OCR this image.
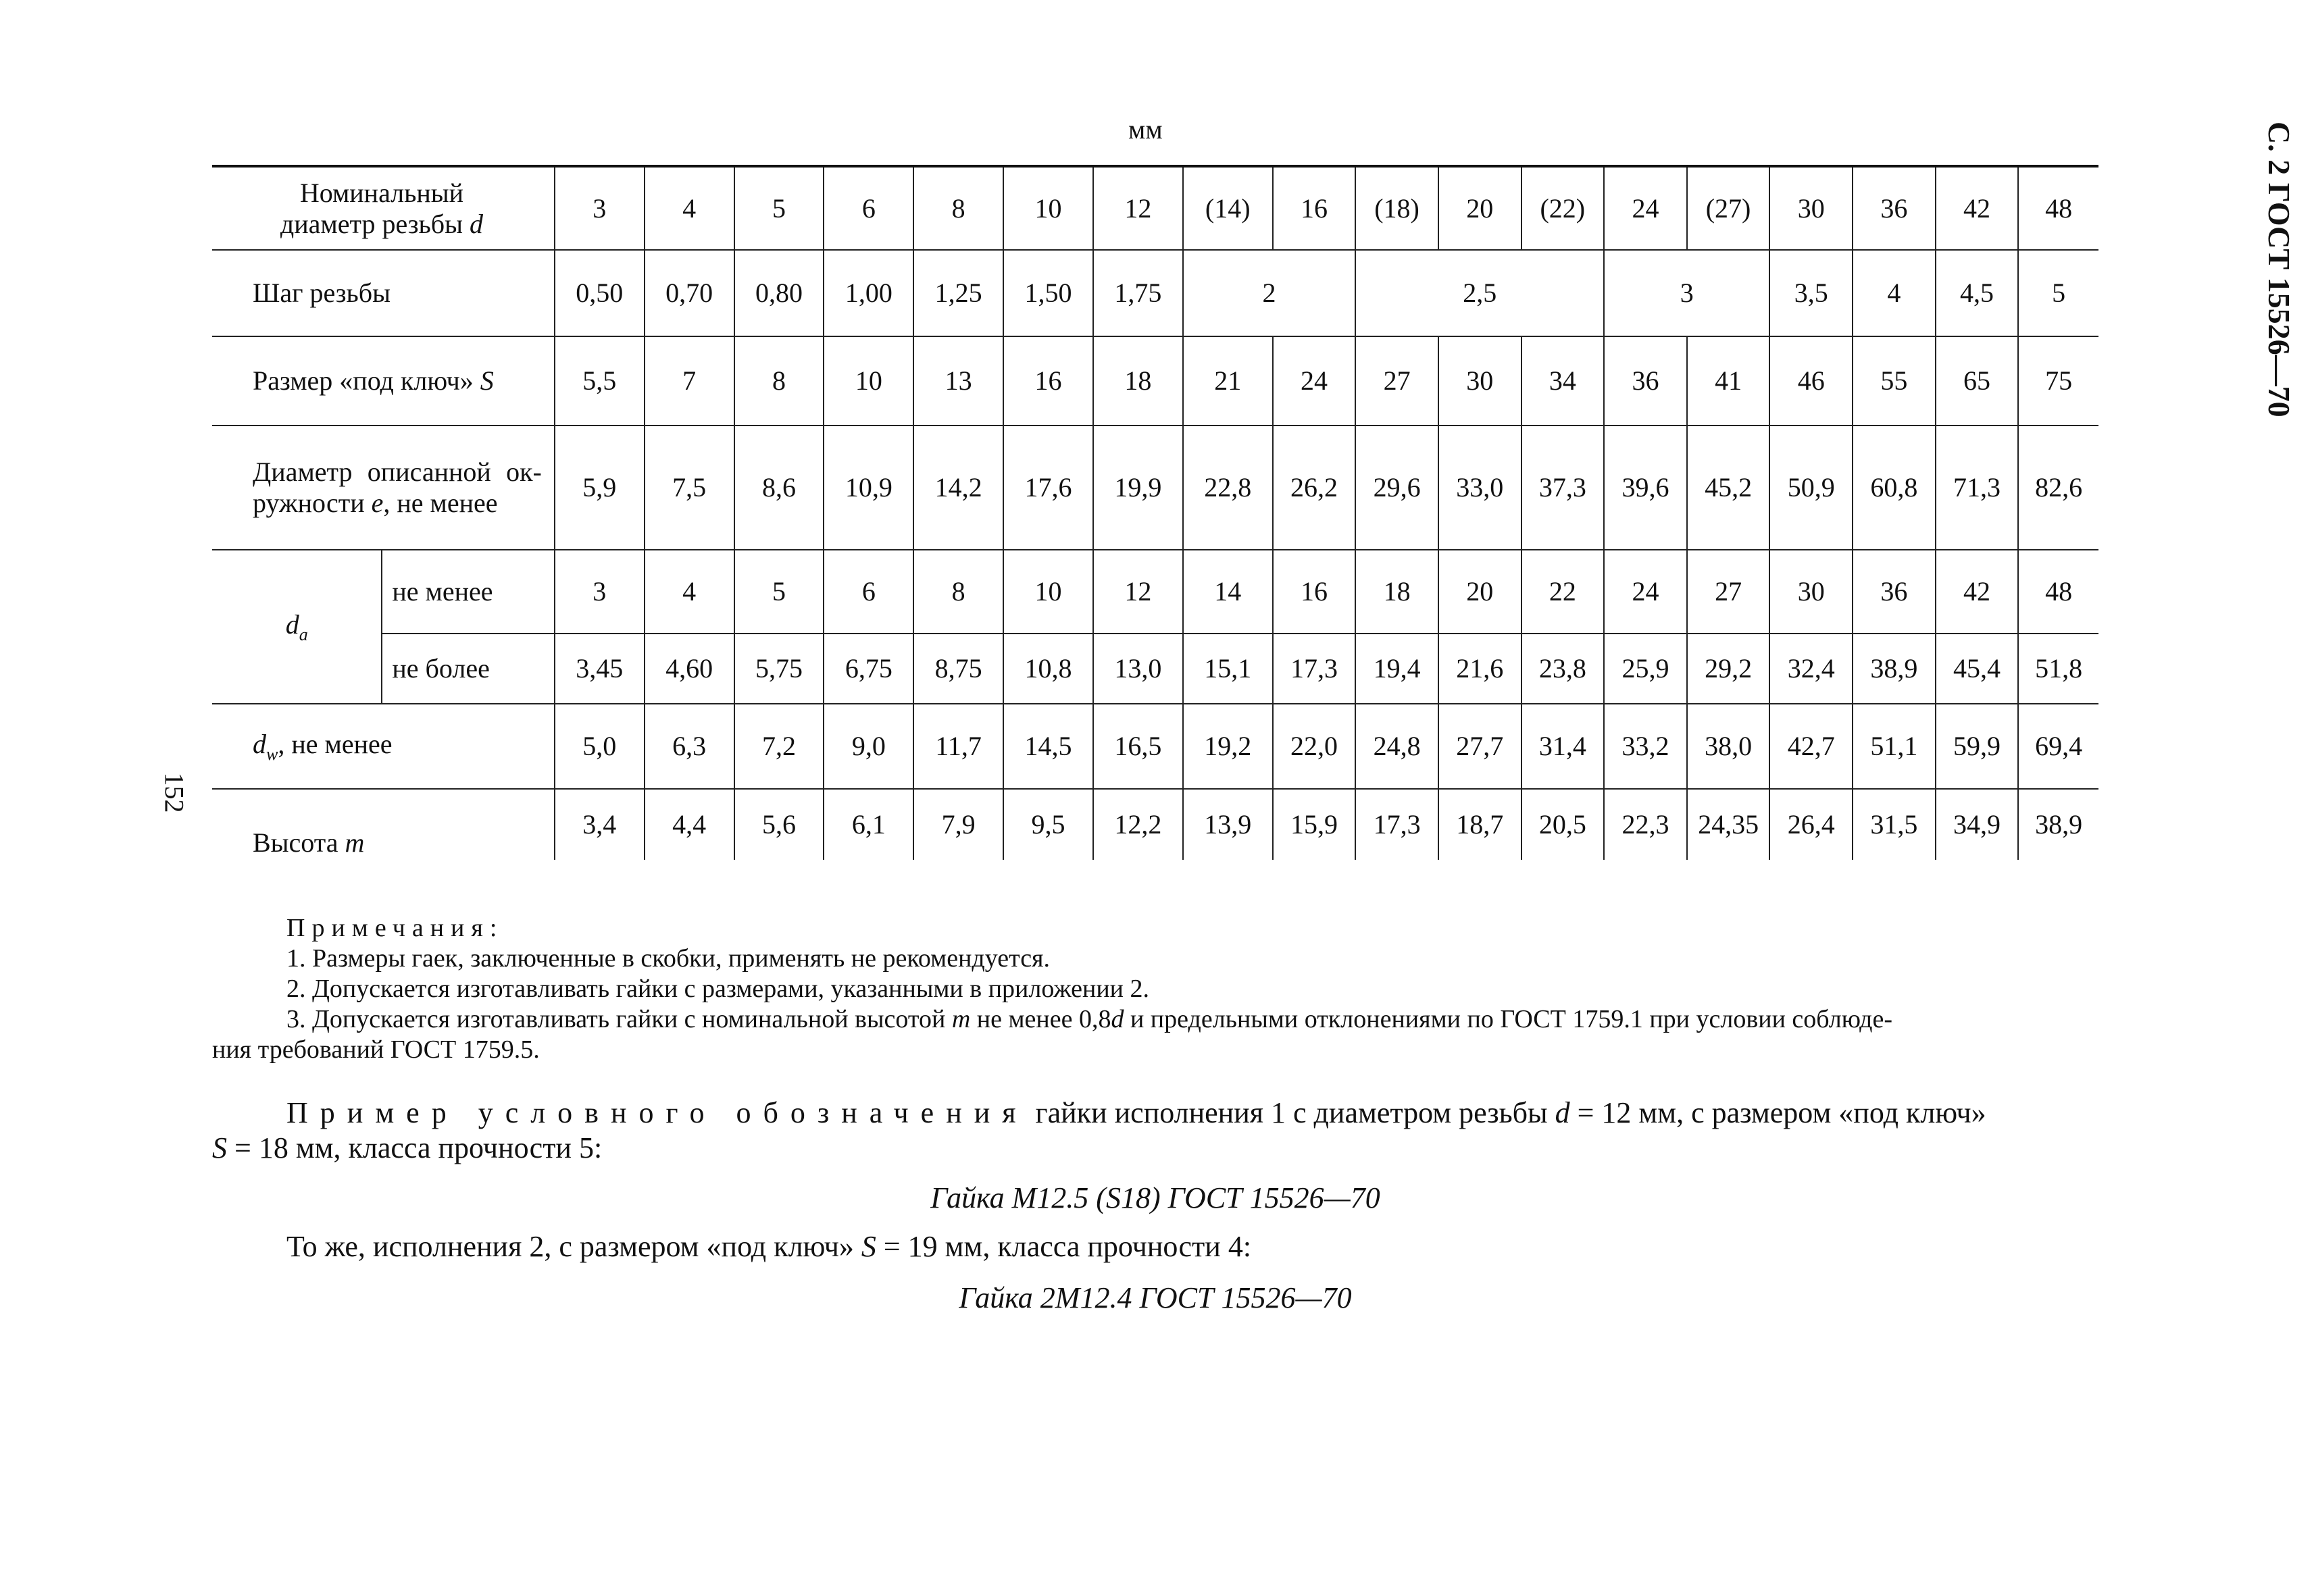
мм	С. 2 ГОСТ 15526—70
152
Номинальный
диаметр резьбы d		3	4	5	6	8	10	12	(14)	16	(18)	20	(22)	24	(27)	30	36	42	48
Шаг резьбы		0,50	0,70	0,80	1,00	1,25	1,50	1,75	2		2,5			3		3,5	4	4,5	5
Размер «под ключ» S		5,5	7	8	10	13	16	18	21	24	27	30	34	36	41	46	55	65	75

Диаметр описанной ок-
ружности e, не менее		5,9	7,5	8,6	10,9	14,2	17,6	19,9	22,8	26,2	29,6	33,0	37,3	39,6	45,2	50,9	60,8	71,3	82,6
$d_a$	не менее	3	4	5	6	8	10	12	14	16	18	20	22	24	27	30	36	42	48
	не более	3,45	4,60	5,75	6,75	8,75	10,8	13,0	15,1	17,3	19,4	21,6	23,8	25,9	29,2	32,4	38,9	45,4	51,8
$d_w$, не менее		5,0	6,3	7,2	9,0	11,7	14,5	16,5	19,2	22,0	24,8	27,7	31,4	33,2	38,0	42,7	51,1	59,9	69,4
Высота m		3,4	4,4	5,6	6,1	7,9	9,5	12,2	13,9	15,9	17,3	18,7	20,5	22,3	24,35	26,4	31,5	34,9	38,9
Примечания:
1. Размеры гаек, заключенные в скобки, применять не рекомендуется.
2. Допускается изготавливать гайки с размерами, указанными в приложении 2.
3. Допускается изготавливать гайки с номинальной высотой m не менее 0,8d и предельными отклонениями по ГОСТ 1759.1 при условии соблюде-
ния требований ГОСТ 1759.5.
Пример условного обозначения гайки исполнения 1 с диаметром резьбы d = 12 мм, с размером «под ключ»
S = 18 мм, класса прочности 5:
Гайка М12.5 (S18) ГОСТ 15526—70
То же, исполнения 2, с размером «под ключ» S = 19 мм, класса прочности 4:
Гайка 2М12.4 ГОСТ 15526—70
